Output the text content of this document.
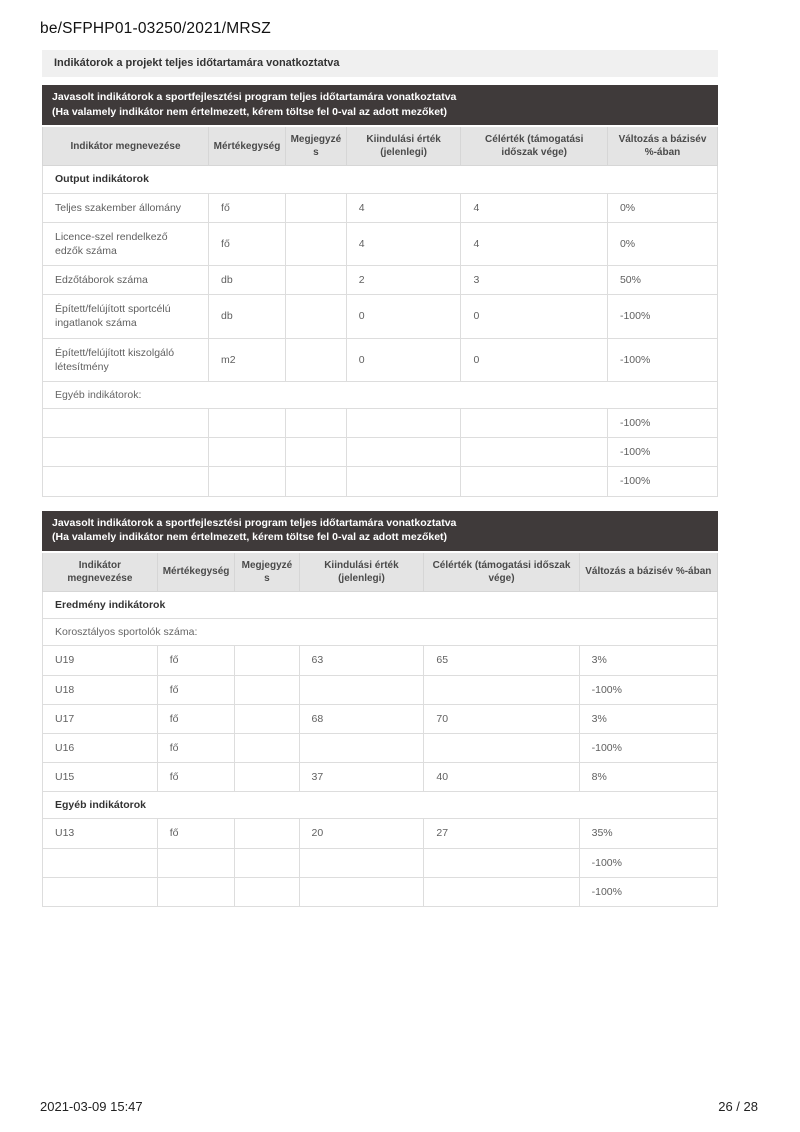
be/SFPHP01-03250/2021/MRSZ
Indikátorok a projekt teljes időtartamára vonatkoztatva
Javasolt indikátorok a sportfejlesztési program teljes időtartamára vonatkoztatva
(Ha valamely indikátor nem értelmezett, kérem töltse fel 0-val az adott mezőket)
Indikátor megnevezése	Mértékegység	Megjegyzés	Kiindulási érték (jelenlegi)	Célérték (támogatási időszak vége)	Változás a bázisév %-ában
Output indikátorok					
Teljes szakember állomány	fő		4	4	0%
Licence-szel rendelkező edzők száma	fő		4	4	0%
Edzőtáborok száma	db		2	3	50%
Épített/felújított sportcélú ingatlanok száma	db		0	0	-100%
Épített/felújított kiszolgáló létesítmény	m2		0	0	-100%
Egyéb indikátorok:					
					-100%
					-100%
					-100%
Javasolt indikátorok a sportfejlesztési program teljes időtartamára vonatkoztatva
(Ha valamely indikátor nem értelmezett, kérem töltse fel 0-val az adott mezőket)
Indikátor megnevezése	Mértékegység	Megjegyzés	Kiindulási érték (jelenlegi)	Célérték (támogatási időszak vége)	Változás a bázisév %-ában
Eredmény indikátorok					
Korosztályos sportolók száma:					
U19	fő		63	65	3%
U18	fő				-100%
U17	fő		68	70	3%
U16	fő				-100%
U15	fő		37	40	8%
Egyéb indikátorok					
U13	fő		20	27	35%
					-100%
					-100%
2021-03-09 15:47	26 / 28
